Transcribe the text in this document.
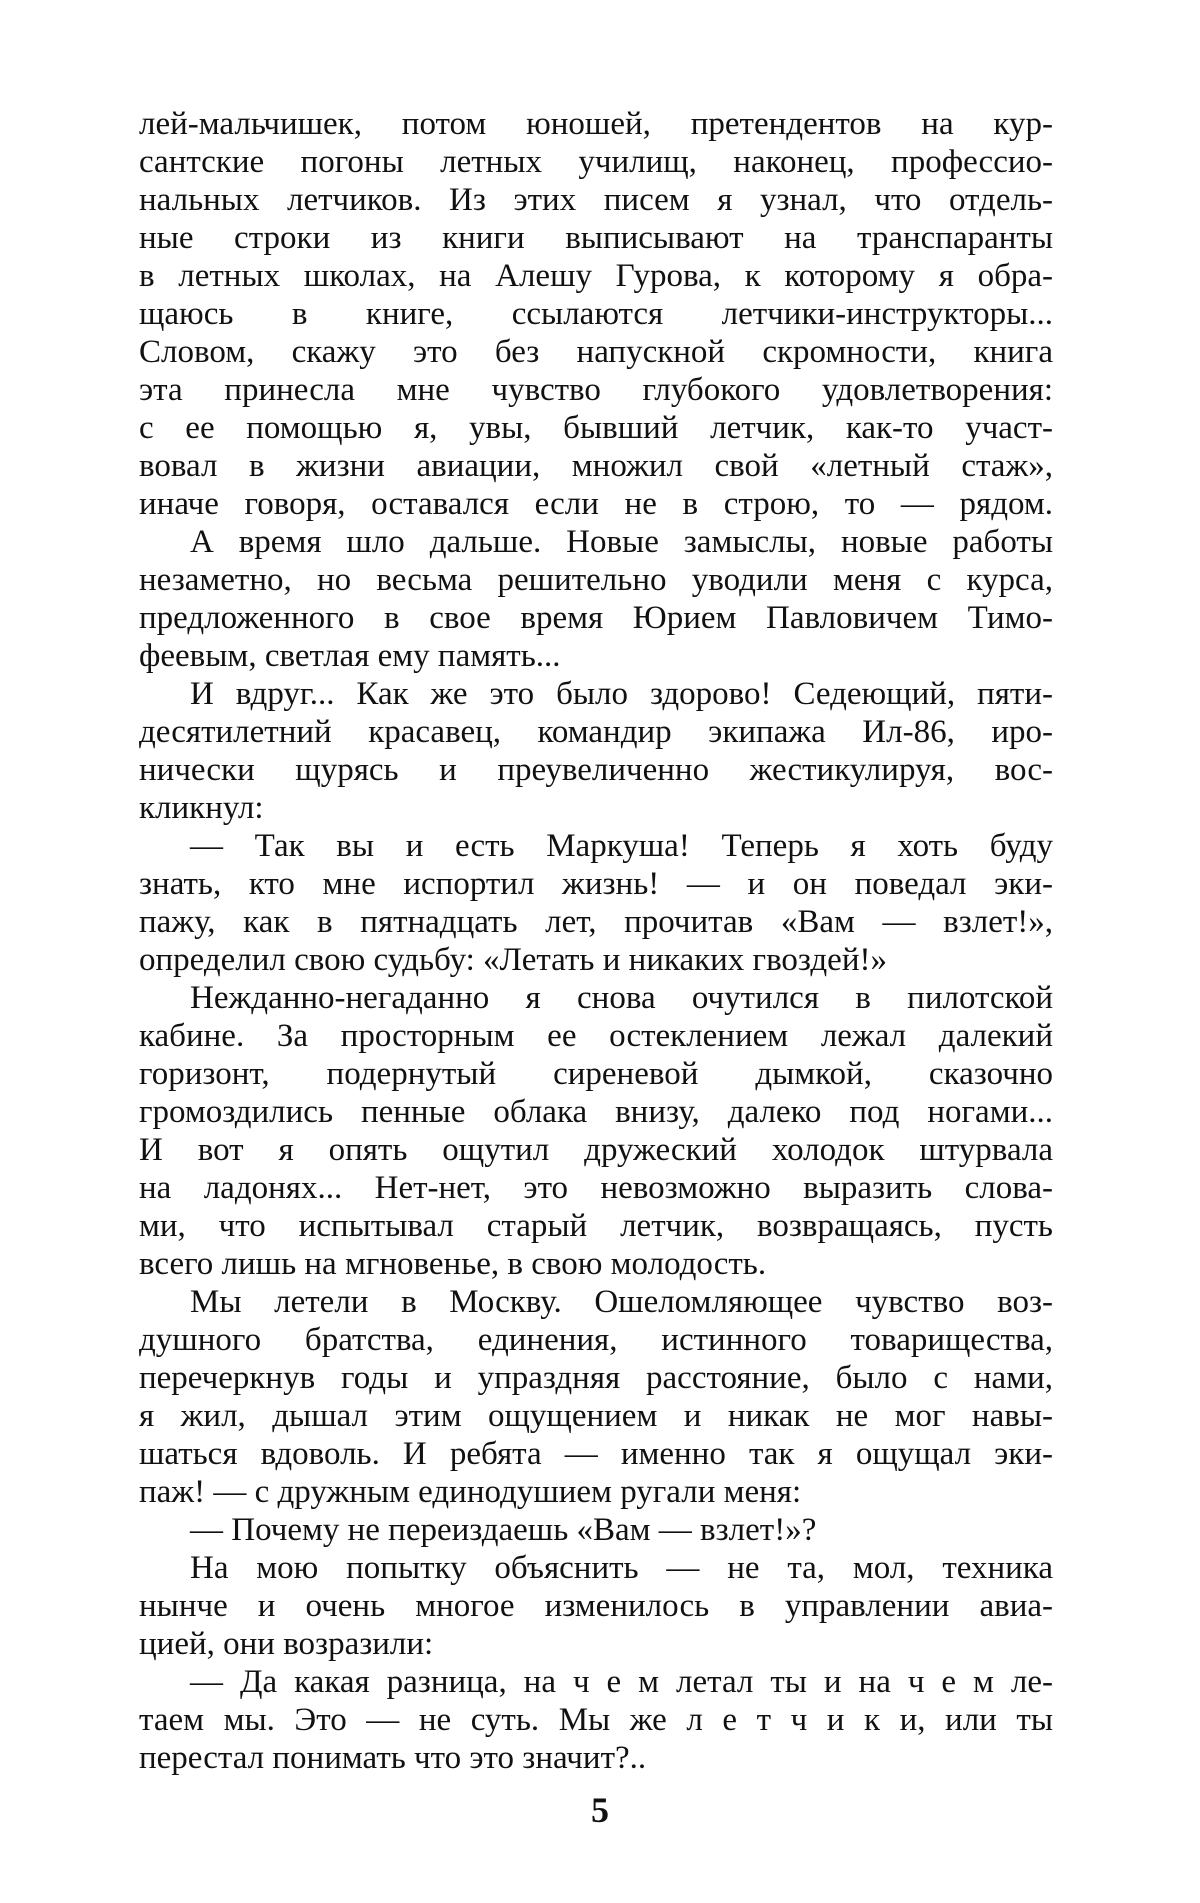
лей-мальчишек, потом юношей, претендентов на кур-
сантские погоны летных училищ, наконец, профессио-
нальных летчиков. Из этих писем я узнал, что отдель-
ные строки из книги выписывают на транспаранты
в летных школах, на Алешу Гурова, к которому я обра-
щаюсь в книге, ссылаются летчики-инструкторы...
Словом, скажу это без напускной скромности, книга
эта принесла мне чувство глубокого удовлетворения:
с ее помощью я, увы, бывший летчик, как-то участ-
вовал в жизни авиации, множил свой «летный стаж»,
иначе говоря, оставался если не в строю, то — рядом.
А время шло дальше. Новые замыслы, новые работы
незаметно, но весьма решительно уводили меня с курса,
предложенного в свое время Юрием Павловичем Тимо-
феевым, светлая ему память...
И вдруг... Как же это было здорово! Седеющий, пяти-
десятилетний красавец, командир экипажа Ил-86, иро-
нически щурясь и преувеличенно жестикулируя, вос-
кликнул:
— Так вы и есть Маркуша! Теперь я хоть буду
знать, кто мне испортил жизнь! — и он поведал эки-
пажу, как в пятнадцать лет, прочитав «Вам — взлет!»,
определил свою судьбу: «Летать и никаких гвоздей!»
Нежданно-негаданно я снова очутился в пилотской
кабине. За просторным ее остеклением лежал далекий
горизонт, подернутый сиреневой дымкой, сказочно
громоздились пенные облака внизу, далеко под ногами...
И вот я опять ощутил дружеский холодок штурвала
на ладонях... Нет-нет, это невозможно выразить слова-
ми, что испытывал старый летчик, возвращаясь, пусть
всего лишь на мгновенье, в свою молодость.
Мы летели в Москву. Ошеломляющее чувство воз-
душного братства, единения, истинного товарищества,
перечеркнув годы и упраздняя расстояние, было с нами,
я жил, дышал этим ощущением и никак не мог навы-
шаться вдоволь. И ребята — именно так я ощущал эки-
паж! — с дружным единодушием ругали меня:
— Почему не переиздаешь «Вам — взлет!»?
На мою попытку объяснить — не та, мол, техника
нынче и очень многое изменилось в управлении авиа-
цией, они возразили:
— Да какая разница, на ч е м летал ты и на ч е м ле-
таем мы. Это — не суть. Мы же л е т ч и к и, или ты
перестал понимать что это значит?..
5
